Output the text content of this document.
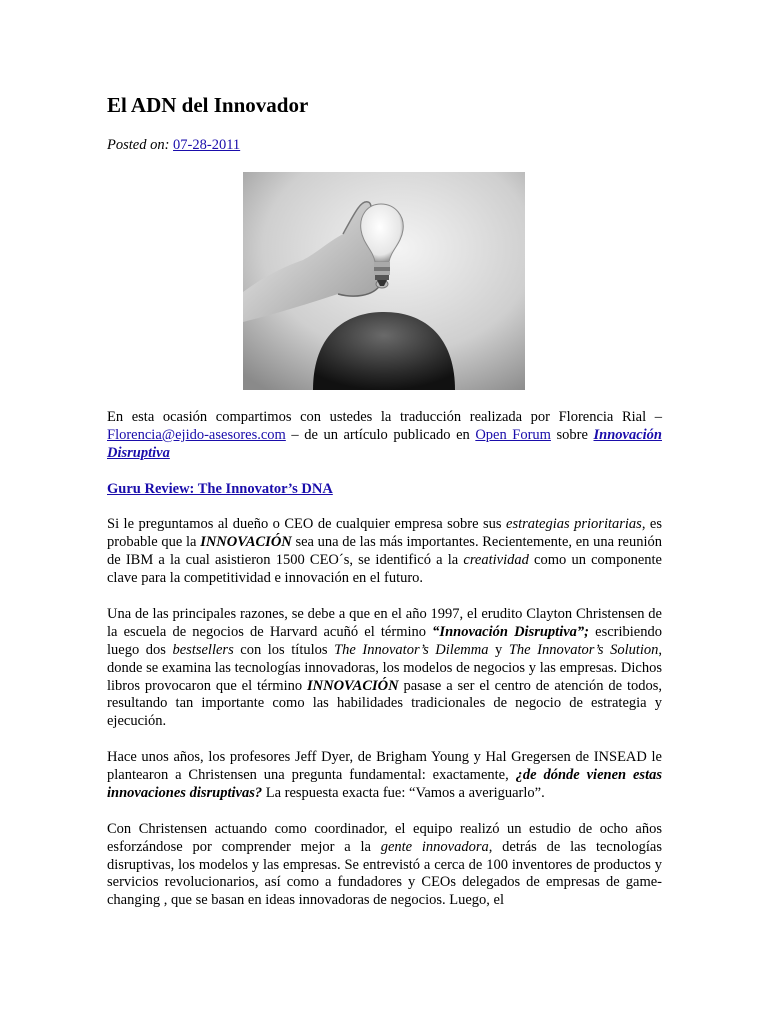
El ADN del Innovador
Posted on: 07-28-2011

En esta ocasión compartimos con ustedes la traducción realizada por Florencia Rial – Florencia@ejido-asesores.com – de un artículo publicado en Open Forum sobre Innovación Disruptiva

Guru Review: The Innovator’s DNA

Si le preguntamos al dueño o CEO de cualquier empresa sobre sus estrategias prioritarias, es probable que la INNOVACIÓN sea una de las más importantes. Recientemente, en una reunión de IBM a la cual asistieron 1500 CEO´s, se identificó a la creatividad como un componente clave para la competitividad e innovación en el futuro.

Una de las principales razones, se debe a que en el año 1997, el erudito Clayton Christensen de la escuela de negocios de Harvard acuñó el término “Innovación Disruptiva”; escribiendo luego dos bestsellers con los títulos The Innovator’s Dilemma y The Innovator’s Solution, donde se examina las tecnologías innovadoras, los modelos de negocios y las empresas. Dichos libros provocaron que el término INNOVACIÓN pasase a ser el centro de atención de todos, resultando tan importante como las habilidades tradicionales de negocio de estrategia y ejecución.

Hace unos años, los profesores Jeff Dyer, de Brigham Young y Hal Gregersen de INSEAD le plantearon a Christensen una pregunta fundamental: exactamente, ¿de dónde vienen estas innovaciones disruptivas? La respuesta exacta fue: “Vamos a averiguarlo”.

Con Christensen actuando como coordinador, el equipo realizó un estudio de ocho años esforzándose por comprender mejor a la gente innovadora, detrás de las tecnologías disruptivas, los modelos y las empresas. Se entrevistó a cerca de 100 inventores de productos y servicios revolucionarios, así como a fundadores y CEOs delegados de empresas de game-changing , que se basan en ideas innovadoras de negocios. Luego, el
